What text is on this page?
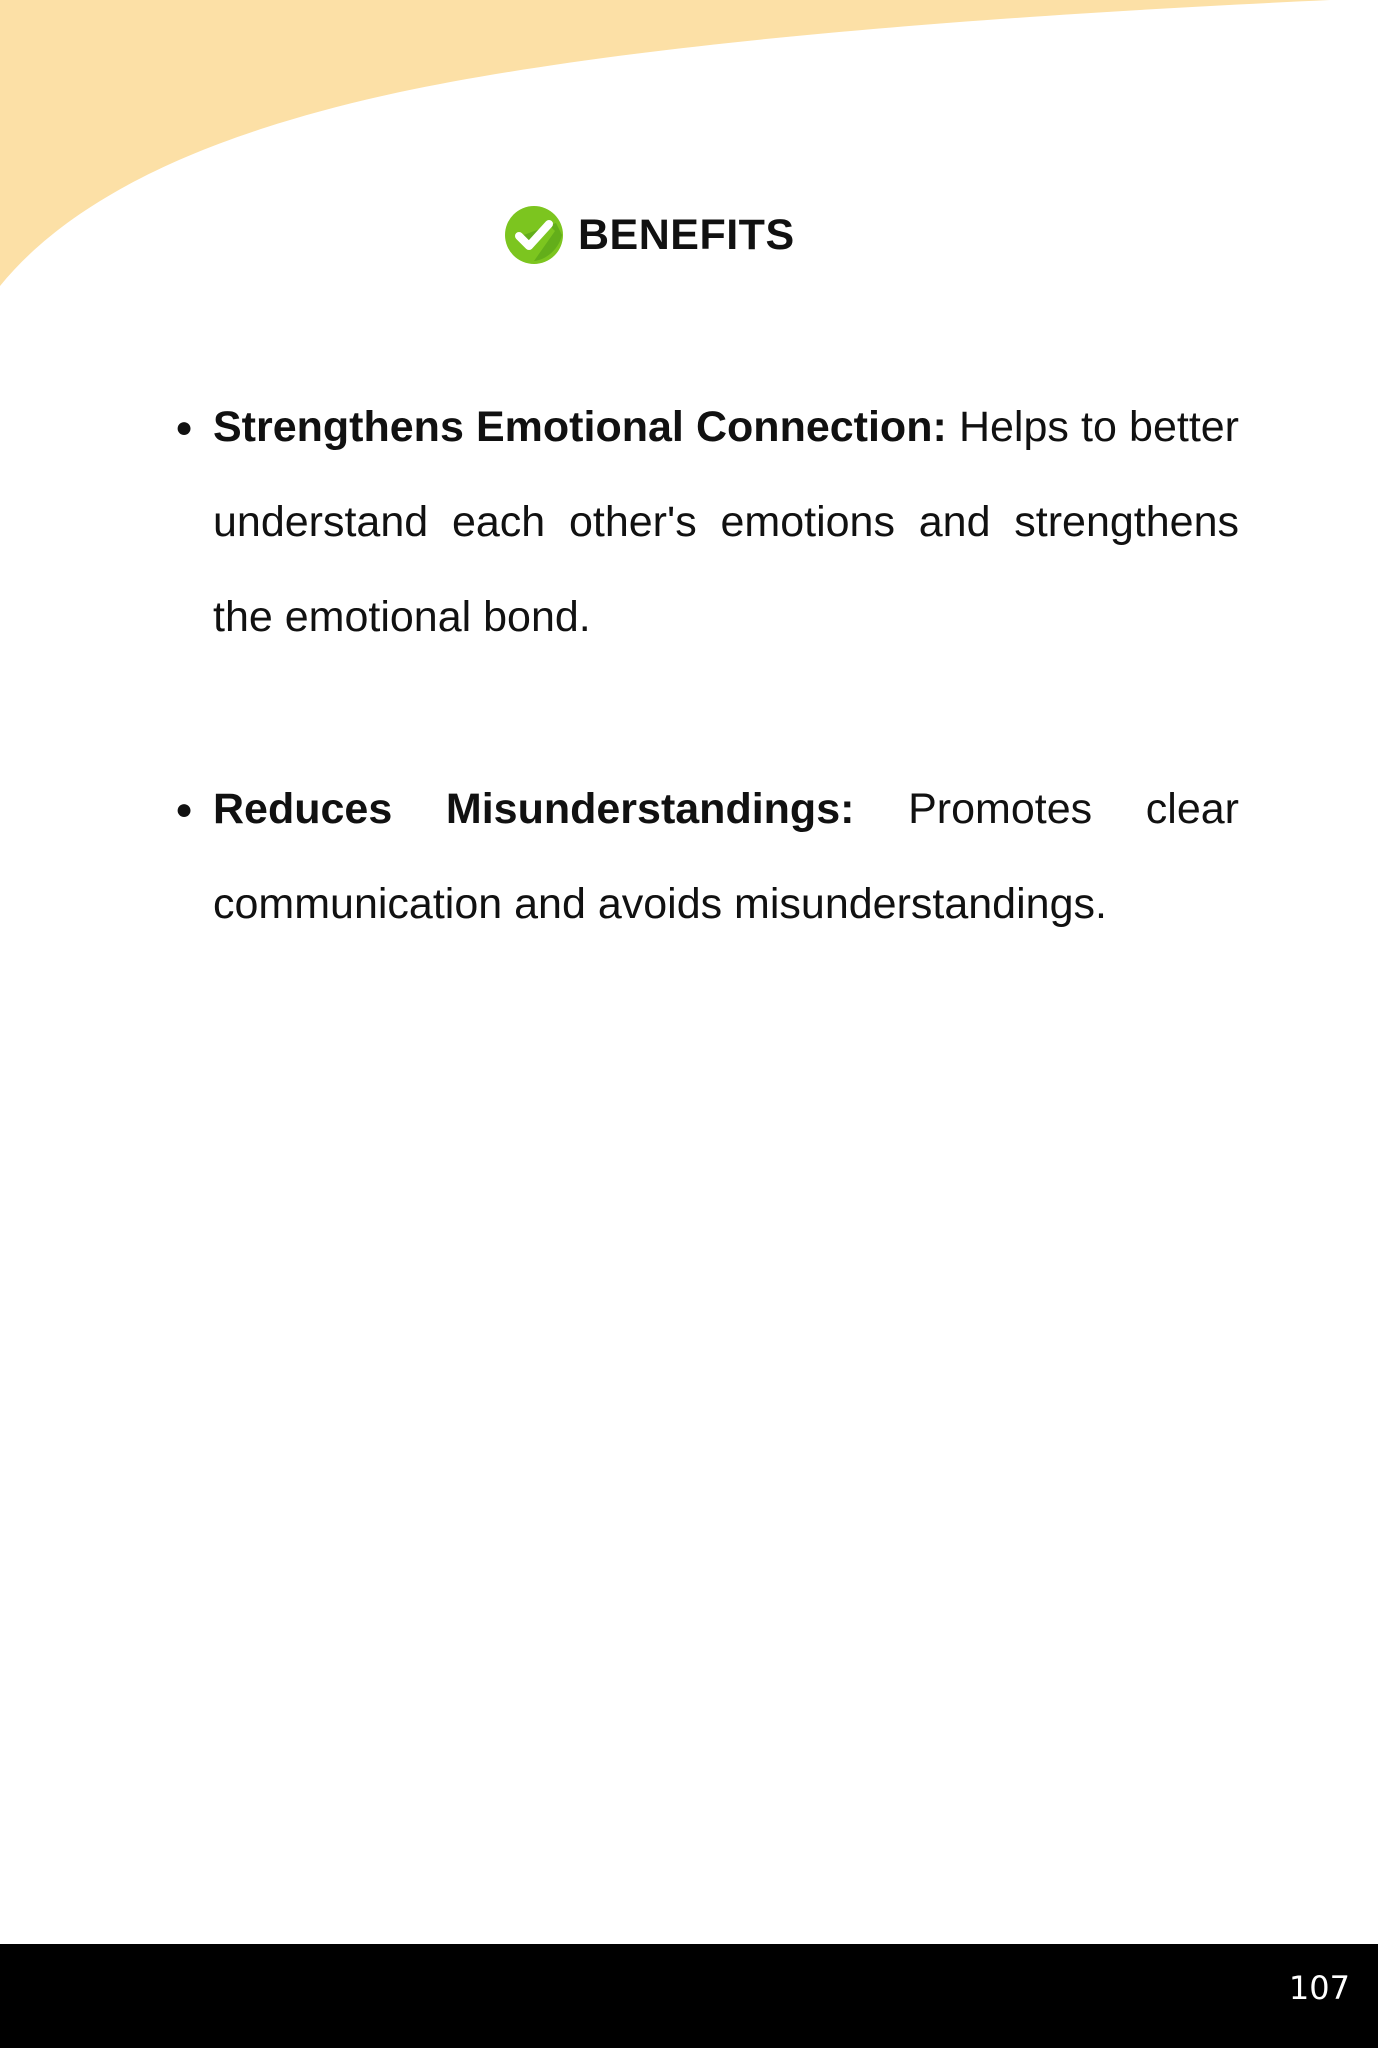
BENEFITS
● Strengthens Emotional Connection: Helps to better understand each other's emotions and strengthens the emotional bond.
● Reduces Misunderstandings: Promotes clear communication and avoids misunderstandings.
107
